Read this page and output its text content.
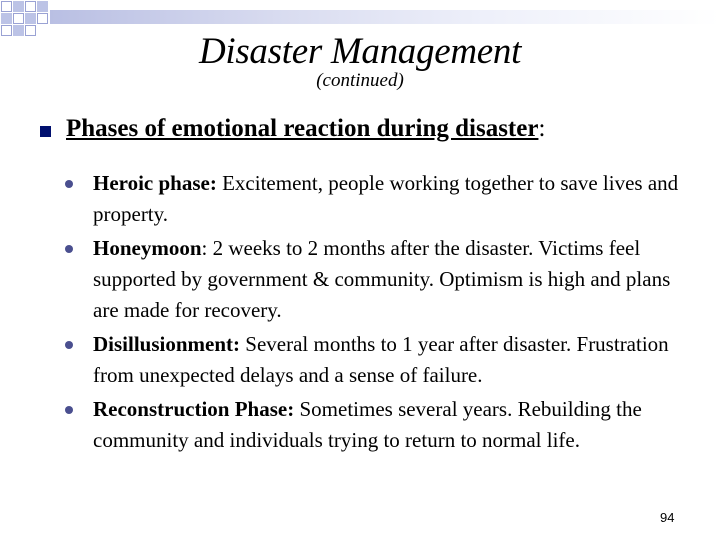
Disaster Management
(continued)
Phases of emotional reaction during disaster:
Heroic phase: Excitement, people working together to save lives and property.
Honeymoon: 2 weeks to 2 months after the disaster. Victims feel supported by government & community. Optimism is high and plans are made for recovery.
Disillusionment: Several months to 1 year after disaster. Frustration from unexpected delays and a sense of failure.
Reconstruction Phase: Sometimes several years. Rebuilding the community and individuals trying to return to normal life.
94
